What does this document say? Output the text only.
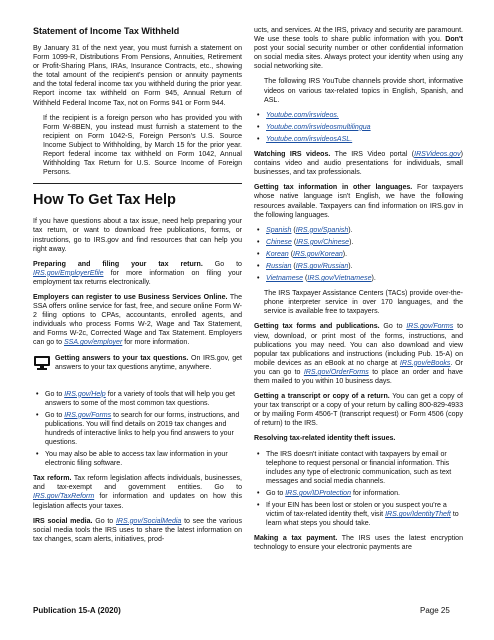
Statement of Income Tax Withheld

By January 31 of the next year, you must furnish a statement on Form 1099-R, Distributions From Pensions, Annuities, Retirement or Profit-Sharing Plans, IRAs, Insurance Contracts, etc., showing the total amount of the recipient's pension or annuity payments and the total federal income tax you withheld during the prior year. Report income tax withheld on Form 945, Annual Return of Withheld Federal Income Tax, not on Forms 941 or Form 944.

If the recipient is a foreign person who has provided you with Form W-8BEN, you instead must furnish a statement to the recipient on Form 1042-S, Foreign Person's U.S. Source Income Subject to Withholding, by March 15 for the prior year. Report federal income tax withheld on Form 1042, Annual Withholding Tax Return for U.S. Source Income of Foreign Persons.

How To Get Tax Help

If you have questions about a tax issue, need help preparing your tax return, or want to download free publications, forms, or instructions, go to IRS.gov and find resources that can help you right away.

Preparing and filing your tax return. Go to IRS.gov/EmployerEfile for more information on filing your employment tax returns electronically.

Employers can register to use Business Services Online. The SSA offers online service for fast, free, and secure online Form W-2 filing options to CPAs, accountants, enrolled agents, and individuals who process Forms W-2, Wage and Tax Statement, and Forms W-2c, Corrected Wage and Tax Statement. Employers can go to SSA.gov/employer for more information.

Getting answers to your tax questions. On IRS.gov, get answers to your tax questions anytime, anywhere.

• Go to IRS.gov/Help for a variety of tools that will help you get answers to some of the most common tax questions.
• Go to IRS.gov/Forms to search for our forms, instructions, and publications. You will find details on 2019 tax changes and hundreds of interactive links to help you find answers to your questions.
• You may also be able to access tax law information in your electronic filing software.

Tax reform. Tax reform legislation affects individuals, businesses, and tax-exempt and government entities. Go to IRS.gov/TaxReform for information and updates on how this legislation affects your taxes.

IRS social media. Go to IRS.gov/SocialMedia to see the various social media tools the IRS uses to share the latest information on tax changes, scam alerts, initiatives, prod-

ucts, and services. At the IRS, privacy and security are paramount. We use these tools to share public information with you. Don't post your social security number or other confidential information on social media sites. Always protect your identity when using any social networking site.

The following IRS YouTube channels provide short, informative videos on various tax-related topics in English, Spanish, and ASL.

• Youtube.com/irsvideos.
• Youtube.com/irsvideosmultilingua
• Youtube.com/irsvideosASL.

Watching IRS videos. The IRS Video portal (IRSVideos.gov) contains video and audio presentations for individuals, small businesses, and tax professionals.

Getting tax information in other languages. For taxpayers whose native language isn't English, we have the following resources available. Taxpayers can find information on IRS.gov in the following languages.

• Spanish (IRS.gov/Spanish).
• Chinese (IRS.gov/Chinese).
• Korean (IRS.gov/Korean).
• Russian (IRS.gov/Russian).
• Vietnamese (IRS.gov/Vietnamese).

The IRS Taxpayer Assistance Centers (TACs) provide over-the-phone interpreter service in over 170 languages, and the service is available free to taxpayers.

Getting tax forms and publications. Go to IRS.gov/Forms to view, download, or print most of the forms, instructions, and publications you may need. You can also download and view popular tax publications and instructions (including Pub. 15-A) on mobile devices as an eBook at no charge at IRS.gov/eBooks. Or you can go to IRS.gov/OrderForms to place an order and have them mailed to you within 10 business days.

Getting a transcript or copy of a return. You can get a copy of your tax transcript or a copy of your return by calling 800-829-4933 or by mailing Form 4506-T (transcript request) or Form 4506 (copy of return) to the IRS.

Resolving tax-related identity theft issues.

• The IRS doesn't initiate contact with taxpayers by email or telephone to request personal or financial information. This includes any type of electronic communication, such as text messages and social media channels.
• Go to IRS.gov/IDProtection for information.
• If your EIN has been lost or stolen or you suspect you're a victim of tax-related identity theft, visit IRS.gov/IdentityTheft to learn what steps you should take.

Making a tax payment. The IRS uses the latest encryption technology to ensure your electronic payments are

Publication 15-A (2020)	Page 25
